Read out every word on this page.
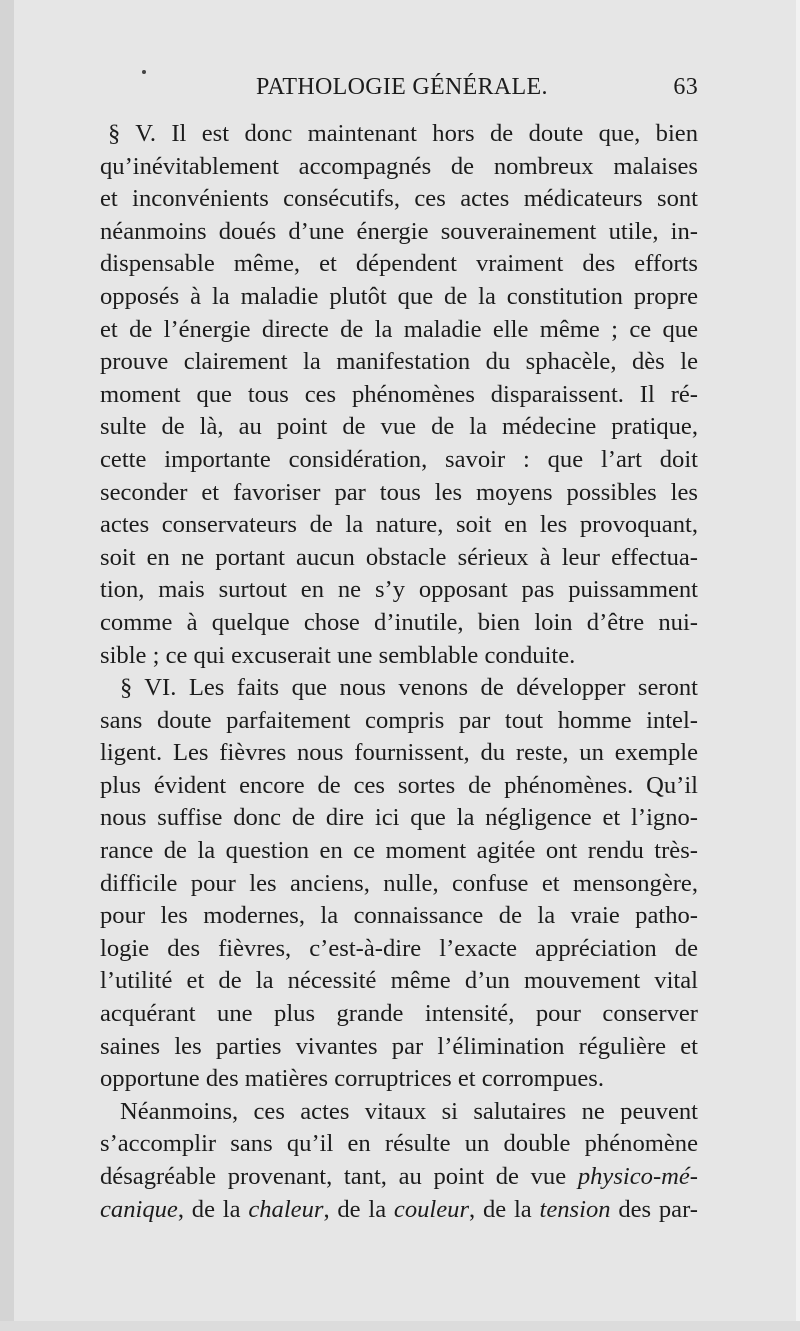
PATHOLOGIE GÉNÉRALE.	63
§ V. Il est donc maintenant hors de doute que, bien
qu’inévitablement accompagnés de nombreux malaises
et inconvénients consécutifs, ces actes médicateurs sont
néanmoins doués d’une énergie souverainement utile, in-
dispensable même, et dépendent vraiment des efforts
opposés à la maladie plutôt que de la constitution propre
et de l’énergie directe de la maladie elle même ; ce que
prouve clairement la manifestation du sphacèle, dès le
moment que tous ces phénomènes disparaissent. Il ré-
sulte de là, au point de vue de la médecine pratique,
cette importante considération, savoir : que l’art doit
seconder et favoriser par tous les moyens possibles les
actes conservateurs de la nature, soit en les provoquant,
soit en ne portant aucun obstacle sérieux à leur effectua-
tion, mais surtout en ne s’y opposant pas puissamment
comme à quelque chose d’inutile, bien loin d’être nui-
sible ; ce qui excuserait une semblable conduite.
§ VI. Les faits que nous venons de développer seront
sans doute parfaitement compris par tout homme intel-
ligent. Les fièvres nous fournissent, du reste, un exemple
plus évident encore de ces sortes de phénomènes. Qu’il
nous suffise donc de dire ici que la négligence et l’igno-
rance de la question en ce moment agitée ont rendu très-
difficile pour les anciens, nulle, confuse et mensongère,
pour les modernes, la connaissance de la vraie patho-
logie des fièvres, c’est-à-dire l’exacte appréciation de
l’utilité et de la nécessité même d’un mouvement vital
acquérant une plus grande intensité, pour conserver
saines les parties vivantes par l’élimination régulière et
opportune des matières corruptrices et corrompues.
Néanmoins, ces actes vitaux si salutaires ne peuvent
s’accomplir sans qu’il en résulte un double phénomène
désagréable provenant, tant, au point de vue physico-mé-
canique, de la chaleur, de la couleur, de la tension des par-
